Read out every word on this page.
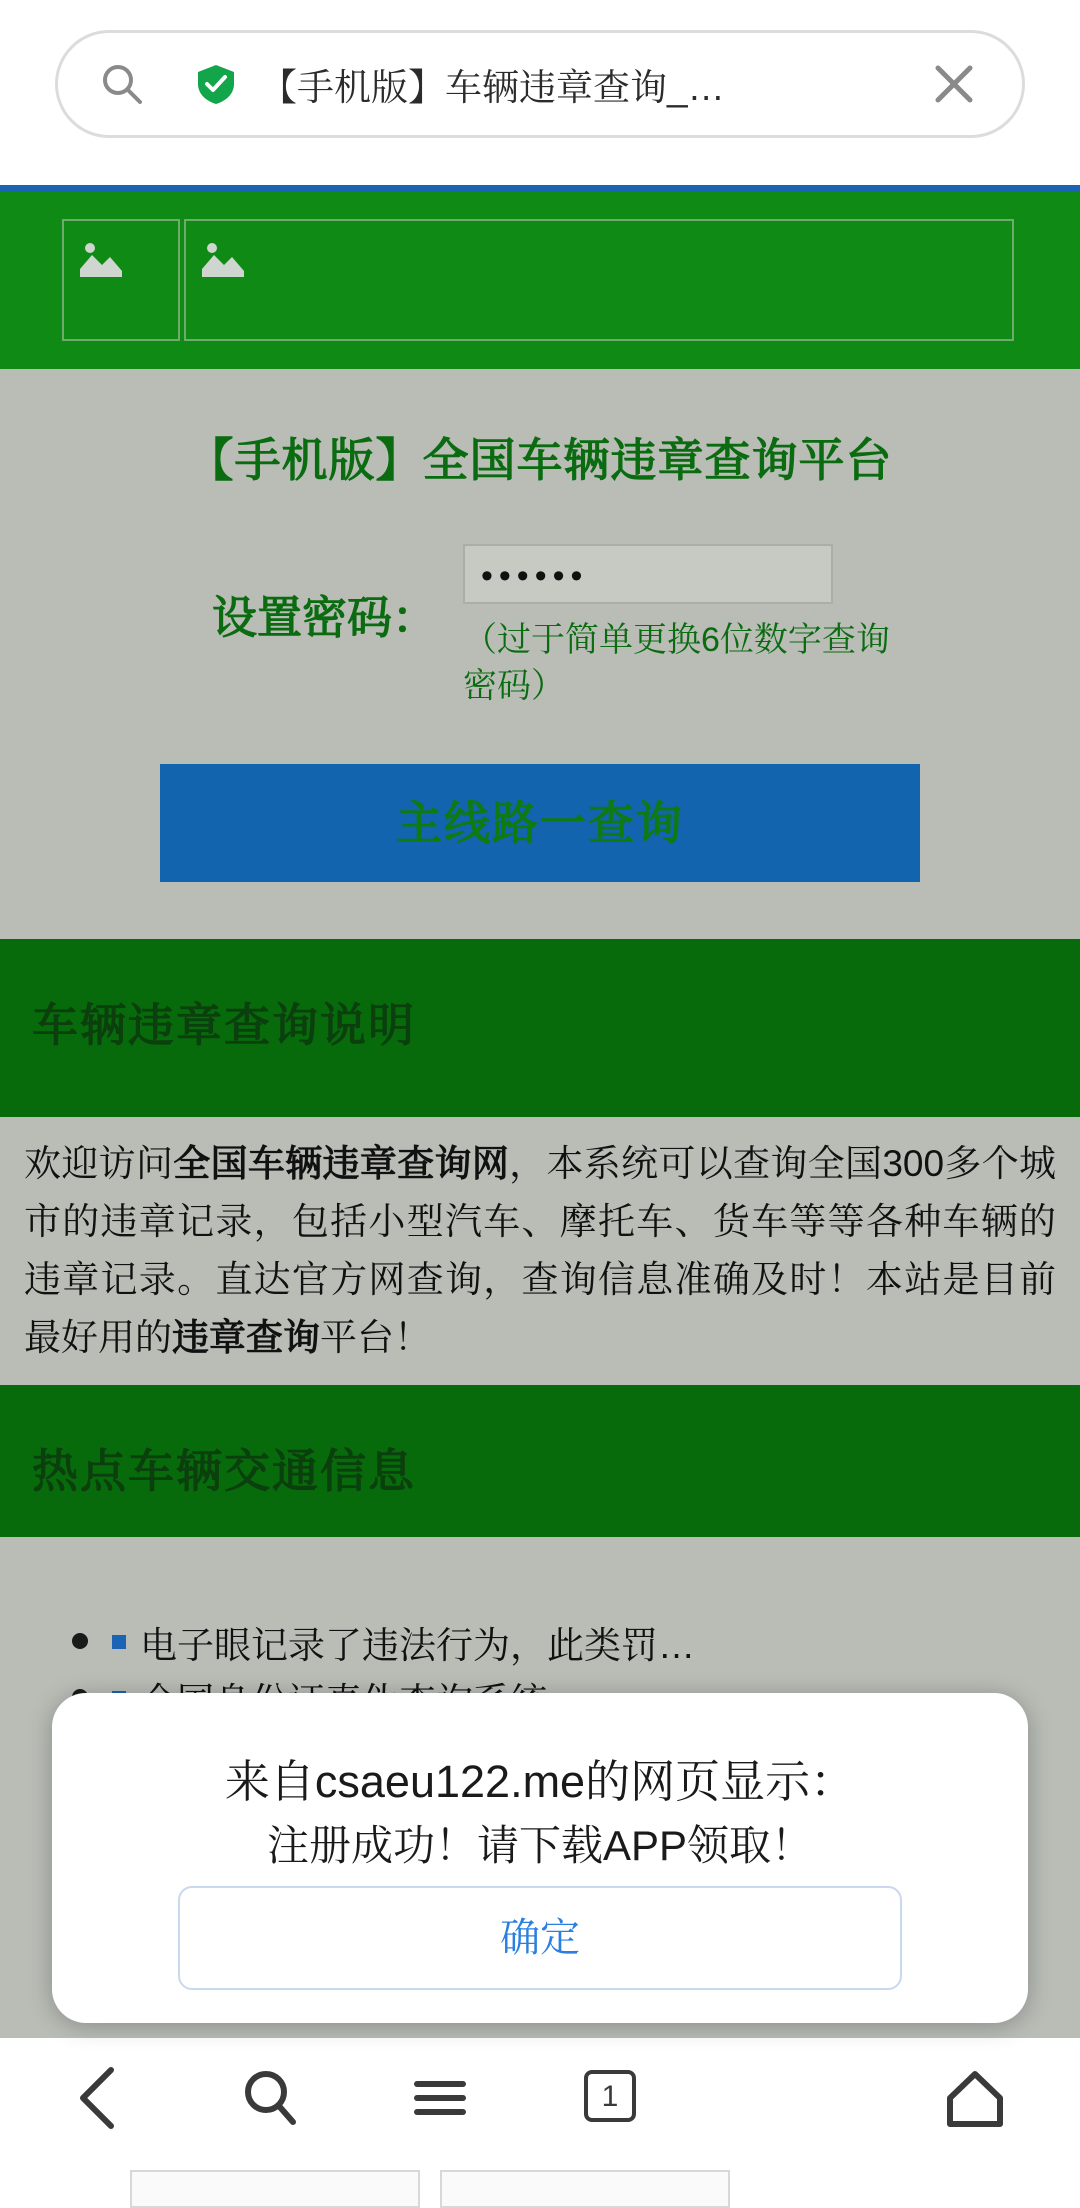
【手机版】车辆违章查询_…
【手机版】全国车辆违章查询平台
设置密码：
••••••
（过于简单更换6位数字查询密码）
主线路一查询
车辆违章查询说明
欢迎访问全国车辆违章查询网，本系统可以查询全国300多个城市的违章记录，包括小型汽车、摩托车、货车等等各种车辆的违章记录。直达官方网查询，查询信息准确及时！本站是目前最好用的违章查询平台！
热点车辆交通信息
电子眼记录了违法行为，此类罚…
来自csaeu122.me的网页显示：
注册成功！请下载APP领取！
确定
1
